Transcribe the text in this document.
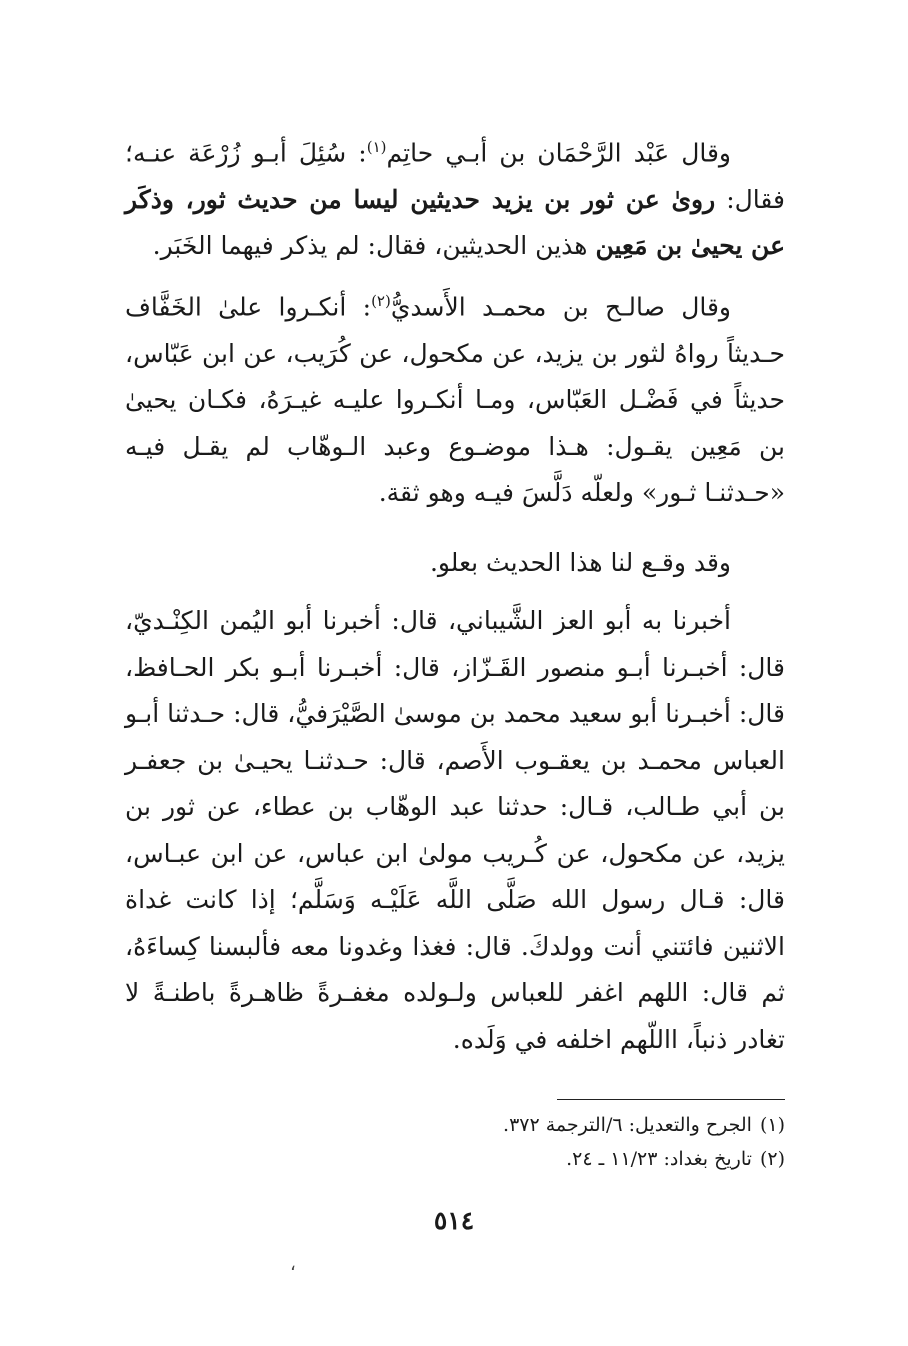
وقال عَبْد الرَّحْمَان بن أبـي حاتِم$^{(١)}$: سُئِلَ أبـو زُرْعَة عنـه؛ فقال: روىٰ عن ثور بن يزيد حديثين ليسا من حديث ثور، وذكَر عن يحيىٰ بن مَعِين هذين الحديثين، فقال: لم يذكر فيهما الخَبَر.

وقال صالـح بن محمـد الأَسديُّ$^{(٢)}$: أنكـروا علىٰ الخَفَّاف حـديثاً رواهُ لثور بن يزيد، عن مكحول، عن كُرَيب، عن ابن عَبّاس، حديثاً في فَضْـل العَبّاس، ومـا أنكـروا عليـه غيـرَهُ، فكـان يحيىٰ بن مَعِين يقـول: هـذا موضـوع وعبد الـوهّاب لم يقـل فيـه «حـدثنـا ثـور» ولعلّه دَلَّسَ فيـه وهو ثقة.

وقد وقـع لنا هذا الحديث بعلو.

أخبرنا به أبو العز الشَّيباني، قال: أخبرنا أبو اليُمن الكِنْـديّ، قال: أخبـرنا أبـو منصور القَـزّاز، قال: أخبـرنا أبـو بكر الحـافظ، قال: أخبـرنا أبو سعيد محمد بن موسىٰ الصَّيْرَفيُّ، قال: حـدثنا أبـو العباس محمـد بن يعقـوب الأَصم، قال: حـدثنـا يحيـىٰ بن جعفـر بن أبي طـالب، قـال: حدثنا عبد الوهّاب بن عطاء، عن ثور بن يزيد، عن مكحول، عن كُـريب مولىٰ ابن عباس، عن ابن عبـاس، قال: قـال رسول الله صَلَّى اللَّه عَلَيْـه وَسَلَّم؛ إذا كانت غداة الاثنين فائتني أنت وولدكَ. قال: فغذا وغدونا معه فألبسنا كِساءَهُ، ثم قال: اللهم اغفر للعباس ولـولده مغفـرةً ظاهـرةً باطنـةً لا تغادر ذنباً، االلّهم اخلفه في وَلَده.

(١)الجرح والتعديل: ٦/الترجمة ٣٧٢.
(٢)تاريخ بغداد: ١١/٢٣ ـ ٢٤.
٥١٤
،
